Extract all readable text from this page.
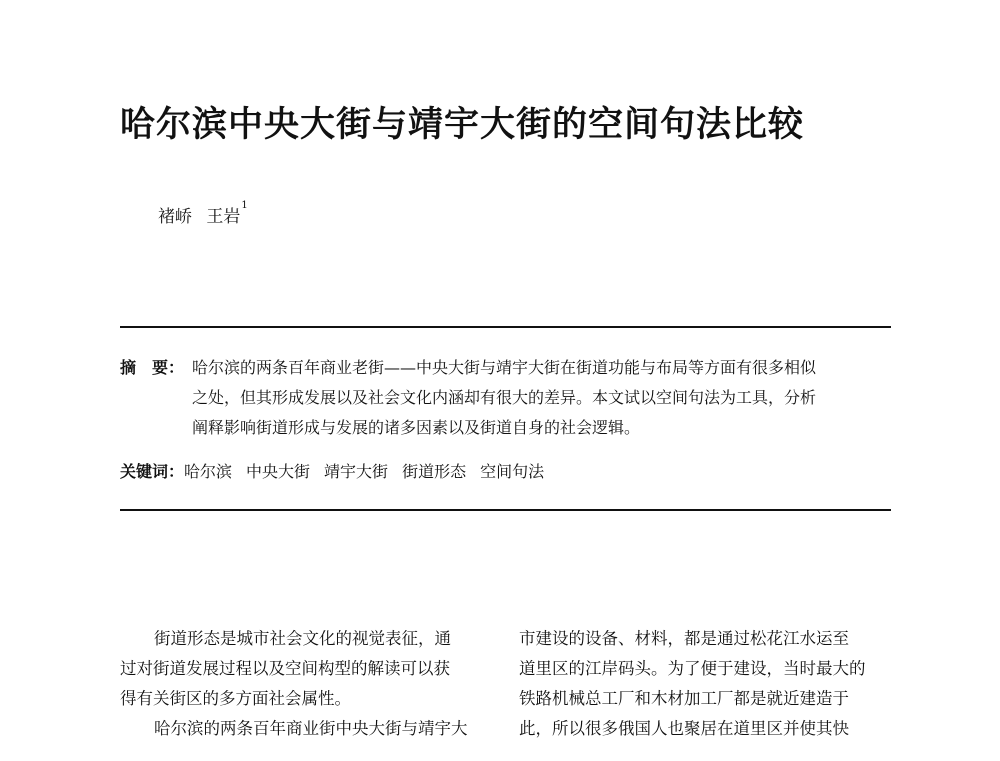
哈尔滨中央大街与靖宇大街的空间句法比较
褚峤 王岩$^1$
摘　要： 哈尔滨的两条百年商业老街——中央大街与靖宇大街在街道功能与布局等方面有很多相似
之处，但其形成发展以及社会文化内涵却有很大的差异。本文试以空间句法为工具，分析
阐释影响街道形成与发展的诸多因素以及街道自身的社会逻辑。
关键词：哈尔滨 中央大街 靖宇大街 街道形态 空间句法
街道形态是城市社会文化的视觉表征，通
过对街道发展过程以及空间构型的解读可以获
得有关街区的多方面社会属性。
哈尔滨的两条百年商业街中央大街与靖宇大
市建设的设备、材料，都是通过松花江水运至
道里区的江岸码头。为了便于建设，当时最大的
铁路机械总工厂和木材加工厂都是就近建造于
此，所以很多俄国人也聚居在道里区并使其快
